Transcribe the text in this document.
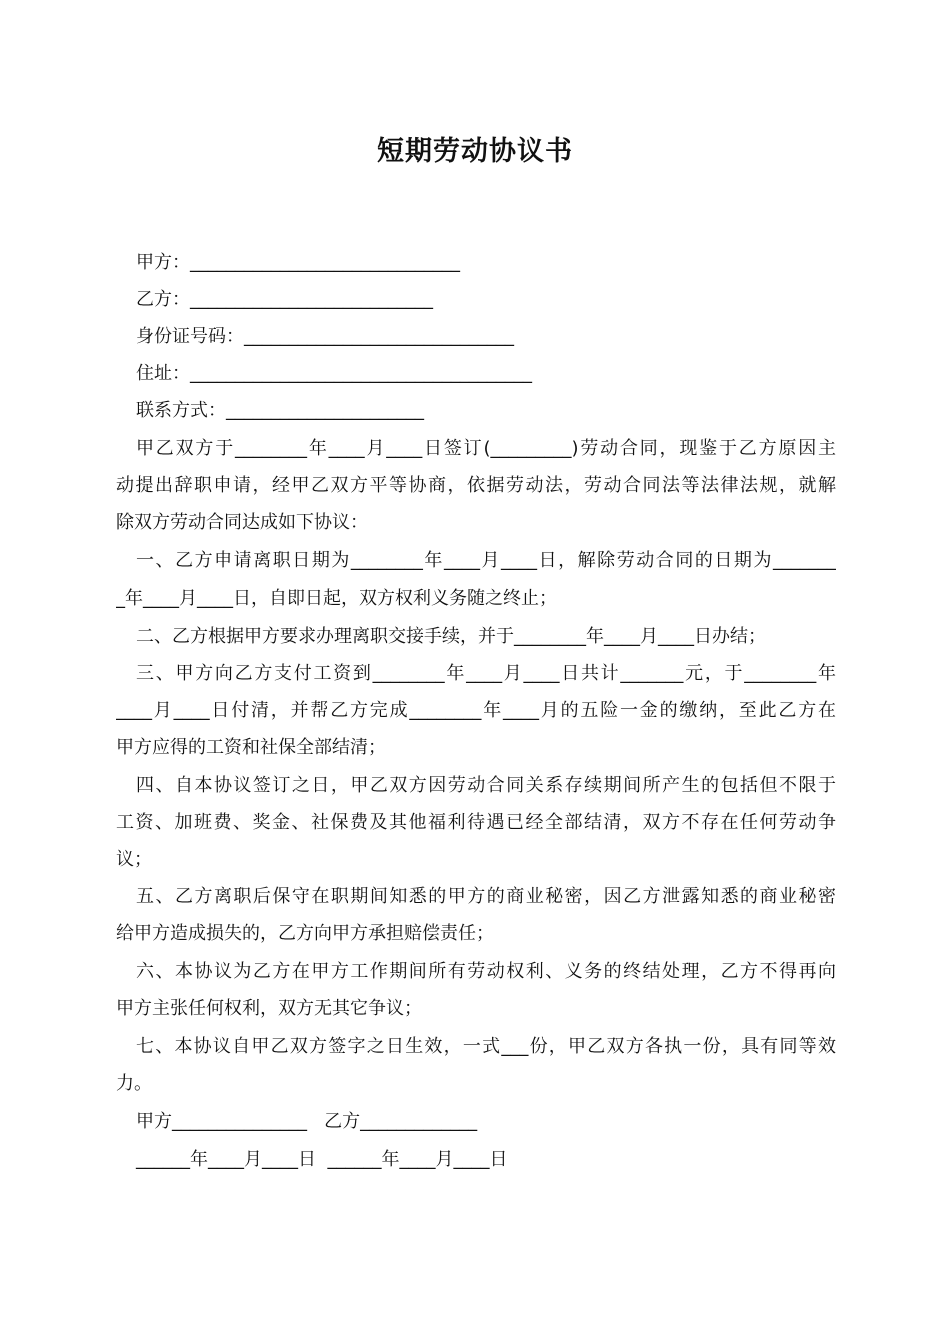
短期劳动协议书
甲方：______________________________
乙方：___________________________
身份证号码：______________________________
住址：______________________________________
联系方式：______________________
甲乙双方于________年____月____日签订(_________)劳动合同，现鉴于乙方原因主
动提出辞职申请，经甲乙双方平等协商，依据劳动法，劳动合同法等法律法规，就解
除双方劳动合同达成如下协议：
一、乙方申请离职日期为________年____月____日，解除劳动合同的日期为_______
_年____月____日，自即日起，双方权利义务随之终止；
二、乙方根据甲方要求办理离职交接手续，并于________年____月____日办结；
三、甲方向乙方支付工资到________年____月____日共计_______元，于________年
____月____日付清，并帮乙方完成________年____月的五险一金的缴纳，至此乙方在
甲方应得的工资和社保全部结清；
四、自本协议签订之日，甲乙双方因劳动合同关系存续期间所产生的包括但不限于
工资、加班费、奖金、社保费及其他福利待遇已经全部结清，双方不存在任何劳动争
议；
五、乙方离职后保守在职期间知悉的甲方的商业秘密，因乙方泄露知悉的商业秘密
给甲方造成损失的，乙方向甲方承担赔偿责任；
六、本协议为乙方在甲方工作期间所有劳动权利、义务的终结处理，乙方不得再向
甲方主张任何权利，双方无其它争议；
七、本协议自甲乙双方签字之日生效，一式___份，甲乙双方各执一份，具有同等效
力。
甲方_______________   乙方_____________
______年____月____日  ______年____月____日
